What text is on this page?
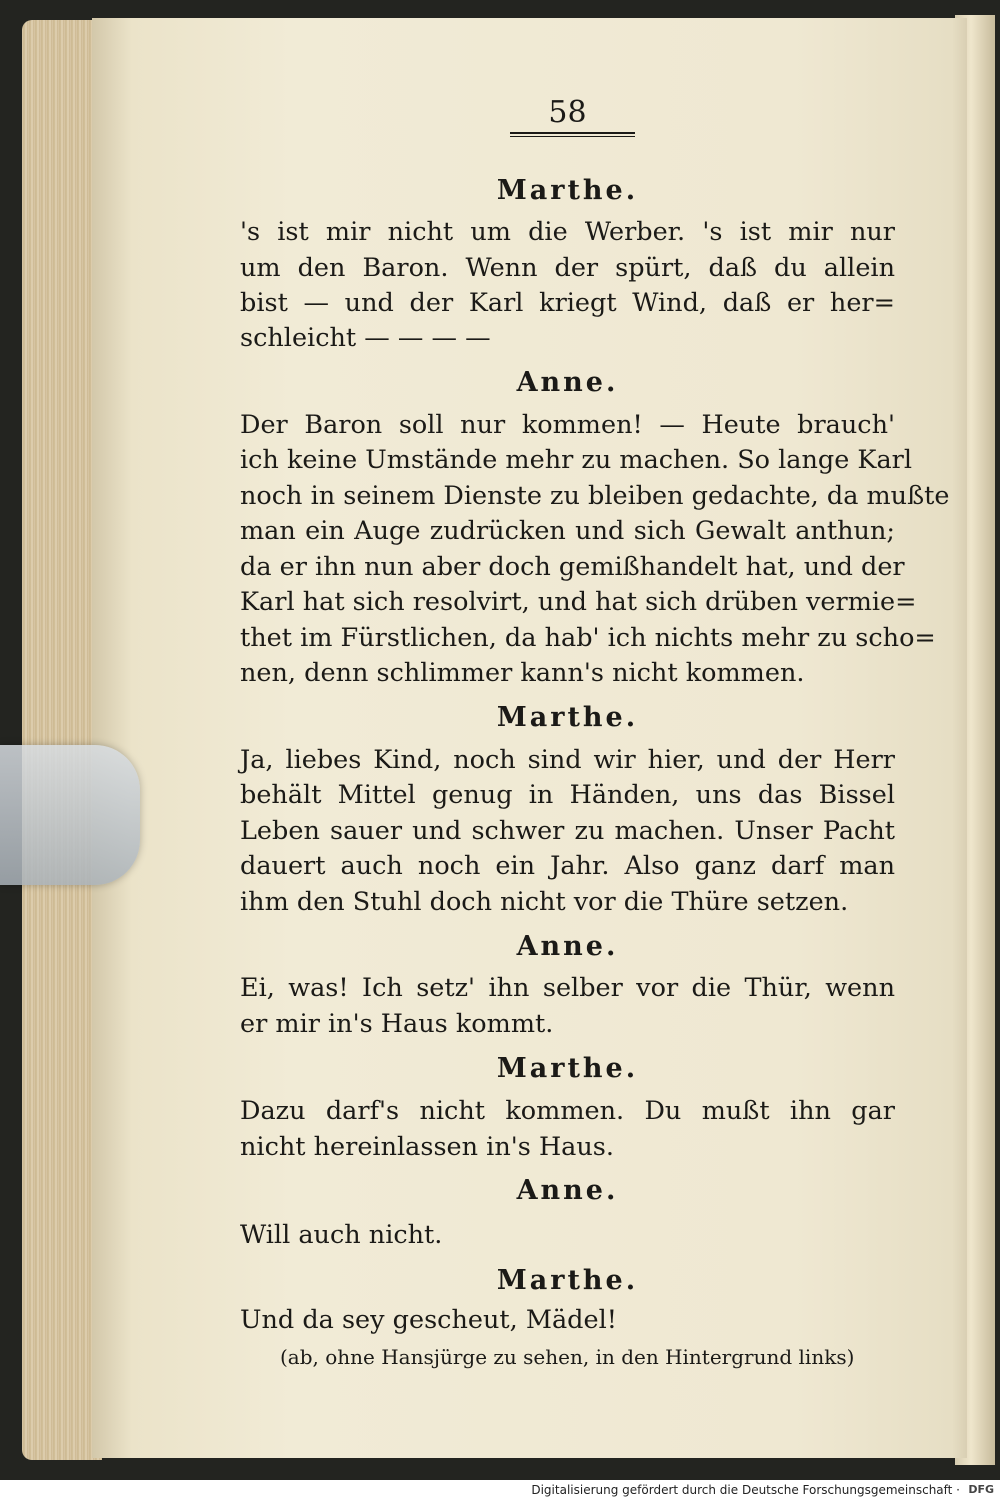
58
Marthe.
's ist mir nicht um die Werber. 's ist mir nur
um den Baron. Wenn der spürt, daß du allein
bist — und der Karl kriegt Wind, daß er her=
schleicht — — — —
Anne.
Der Baron soll nur kommen! — Heute brauch'
ich keine Umstände mehr zu machen. So lange Karl
noch in seinem Dienste zu bleiben gedachte, da mußte
man ein Auge zudrücken und sich Gewalt anthun;
da er ihn nun aber doch gemißhandelt hat, und der
Karl hat sich resolvirt, und hat sich drüben vermie=
thet im Fürstlichen, da hab' ich nichts mehr zu scho=
nen, denn schlimmer kann's nicht kommen.
Marthe.
Ja, liebes Kind, noch sind wir hier, und der Herr
behält Mittel genug in Händen, uns das Bissel
Leben sauer und schwer zu machen. Unser Pacht
dauert auch noch ein Jahr. Also ganz darf man
ihm den Stuhl doch nicht vor die Thüre setzen.
Anne.
Ei, was! Ich setz' ihn selber vor die Thür, wenn
er mir in's Haus kommt.
Marthe.
Dazu darf's nicht kommen. Du mußt ihn gar
nicht hereinlassen in's Haus.
Anne.
Will auch nicht.
Marthe.
Und da sey gescheut, Mädel!
(ab, ohne Hansjürge zu sehen, in den Hintergrund links)
Digitalisierung gefördert durch die Deutsche Forschungsgemeinschaft · DFG
